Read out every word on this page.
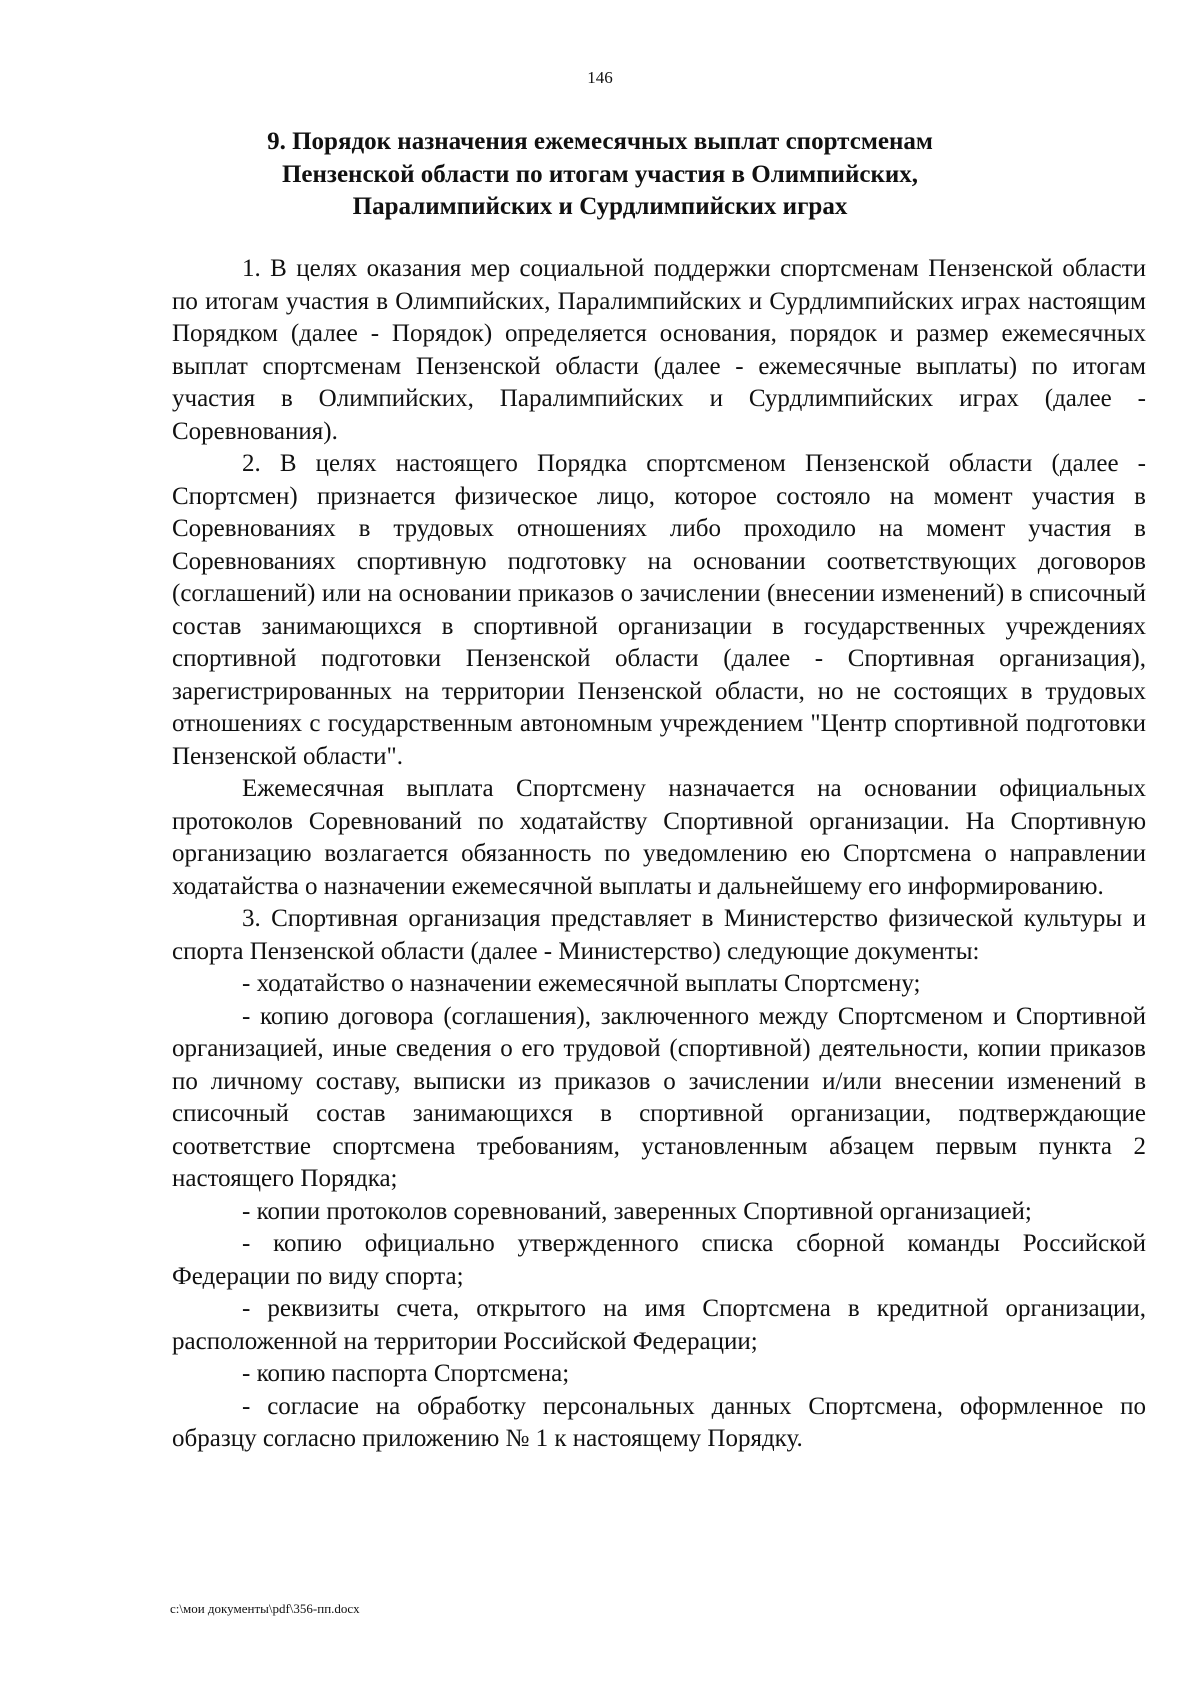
146
9. Порядок назначения ежемесячных выплат спортсменам
Пензенской области по итогам участия в Олимпийских,
Паралимпийских и Сурдлимпийских играх

1. В целях оказания мер социальной поддержки спортсменам Пензенской области по итогам участия в Олимпийских, Паралимпийских и Сурдлимпийских играх настоящим Порядком (далее - Порядок) определяется основания, порядок и размер ежемесячных выплат спортсменам Пензенской области (далее - ежемесячные выплаты) по итогам участия в Олимпийских, Паралимпийских и Сурдлимпийских играх (далее - Соревнования).

2. В целях настоящего Порядка спортсменом Пензенской области (далее - Спортсмен) признается физическое лицо, которое состояло на момент участия в Соревнованиях в трудовых отношениях либо проходило на момент участия в Соревнованиях спортивную подготовку на основании соответствующих договоров (соглашений) или на основании приказов о зачислении (внесении изменений) в списочный состав занимающихся в спортивной организации в государственных учреждениях спортивной подготовки Пензенской области (далее - Спортивная организация), зарегистрированных на территории Пензенской области, но не состоящих в трудовых отношениях с государственным автономным учреждением "Центр спортивной подготовки Пензенской области".

Ежемесячная выплата Спортсмену назначается на основании официальных протоколов Соревнований по ходатайству Спортивной организации. На Спортивную организацию возлагается обязанность по уведомлению ею Спортсмена о направлении ходатайства о назначении ежемесячной выплаты и дальнейшему его информированию.

3. Спортивная организация представляет в Министерство физической культуры и спорта Пензенской области (далее - Министерство) следующие документы:

- ходатайство о назначении ежемесячной выплаты Спортсмену;

- копию договора (соглашения), заключенного между Спортсменом и Спортивной организацией, иные сведения о его трудовой (спортивной) деятельности, копии приказов по личному составу, выписки из приказов о зачислении и/или внесении изменений в списочный состав занимающихся в спортивной организации, подтверждающие соответствие спортсмена требованиям, установленным абзацем первым пункта 2 настоящего Порядка;

- копии протоколов соревнований, заверенных Спортивной организацией;

- копию официально утвержденного списка сборной команды Российской Федерации по виду спорта;

- реквизиты счета, открытого на имя Спортсмена в кредитной организации, расположенной на территории Российской Федерации;

- копию паспорта Спортсмена;

- согласие на обработку персональных данных Спортсмена, оформленное по образцу согласно приложению № 1 к настоящему Порядку.

c:\мои документы\pdf\356-пп.docx
